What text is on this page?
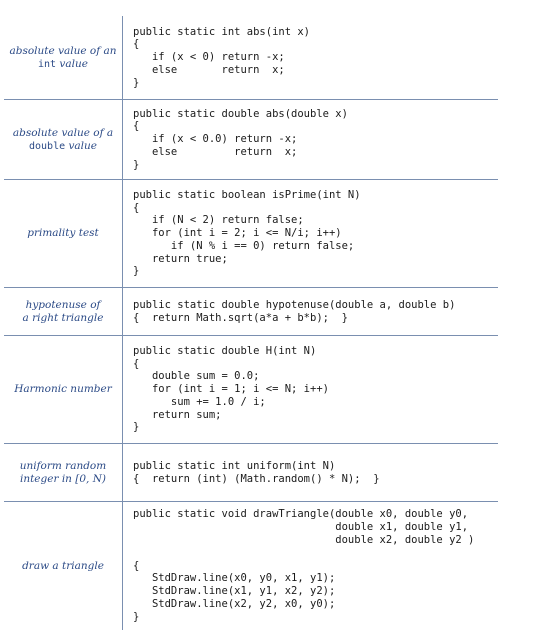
absolute value of an
int value
public static int abs(int x)
{
if (x < 0) return -x;
else       return  x;
}
absolute value of a
double value
public static double abs(double x)
{
if (x < 0.0) return -x;
else         return  x;
}
primality test
public static boolean isPrime(int N)
{
if (N < 2) return false;
for (int i = 2; i <= N/i; i++)
if (N % i == 0) return false;
return true;
}
hypotenuse of
a right triangle
public static double hypotenuse(double a, double b)
{  return Math.sqrt(a*a + b*b);  }
Harmonic number
public static double H(int N)
{
double sum = 0.0;
for (int i = 1; i <= N; i++)
sum += 1.0 / i;
return sum;
}
uniform random
integer in [0, N)
public static int uniform(int N)
{  return (int) (Math.random() * N);  }
draw a triangle
public static void drawTriangle(double x0, double y0,
double x1, double y1,
double x2, double y2 )

{
StdDraw.line(x0, y0, x1, y1);
StdDraw.line(x1, y1, x2, y2);
StdDraw.line(x2, y2, x0, y0);
}
